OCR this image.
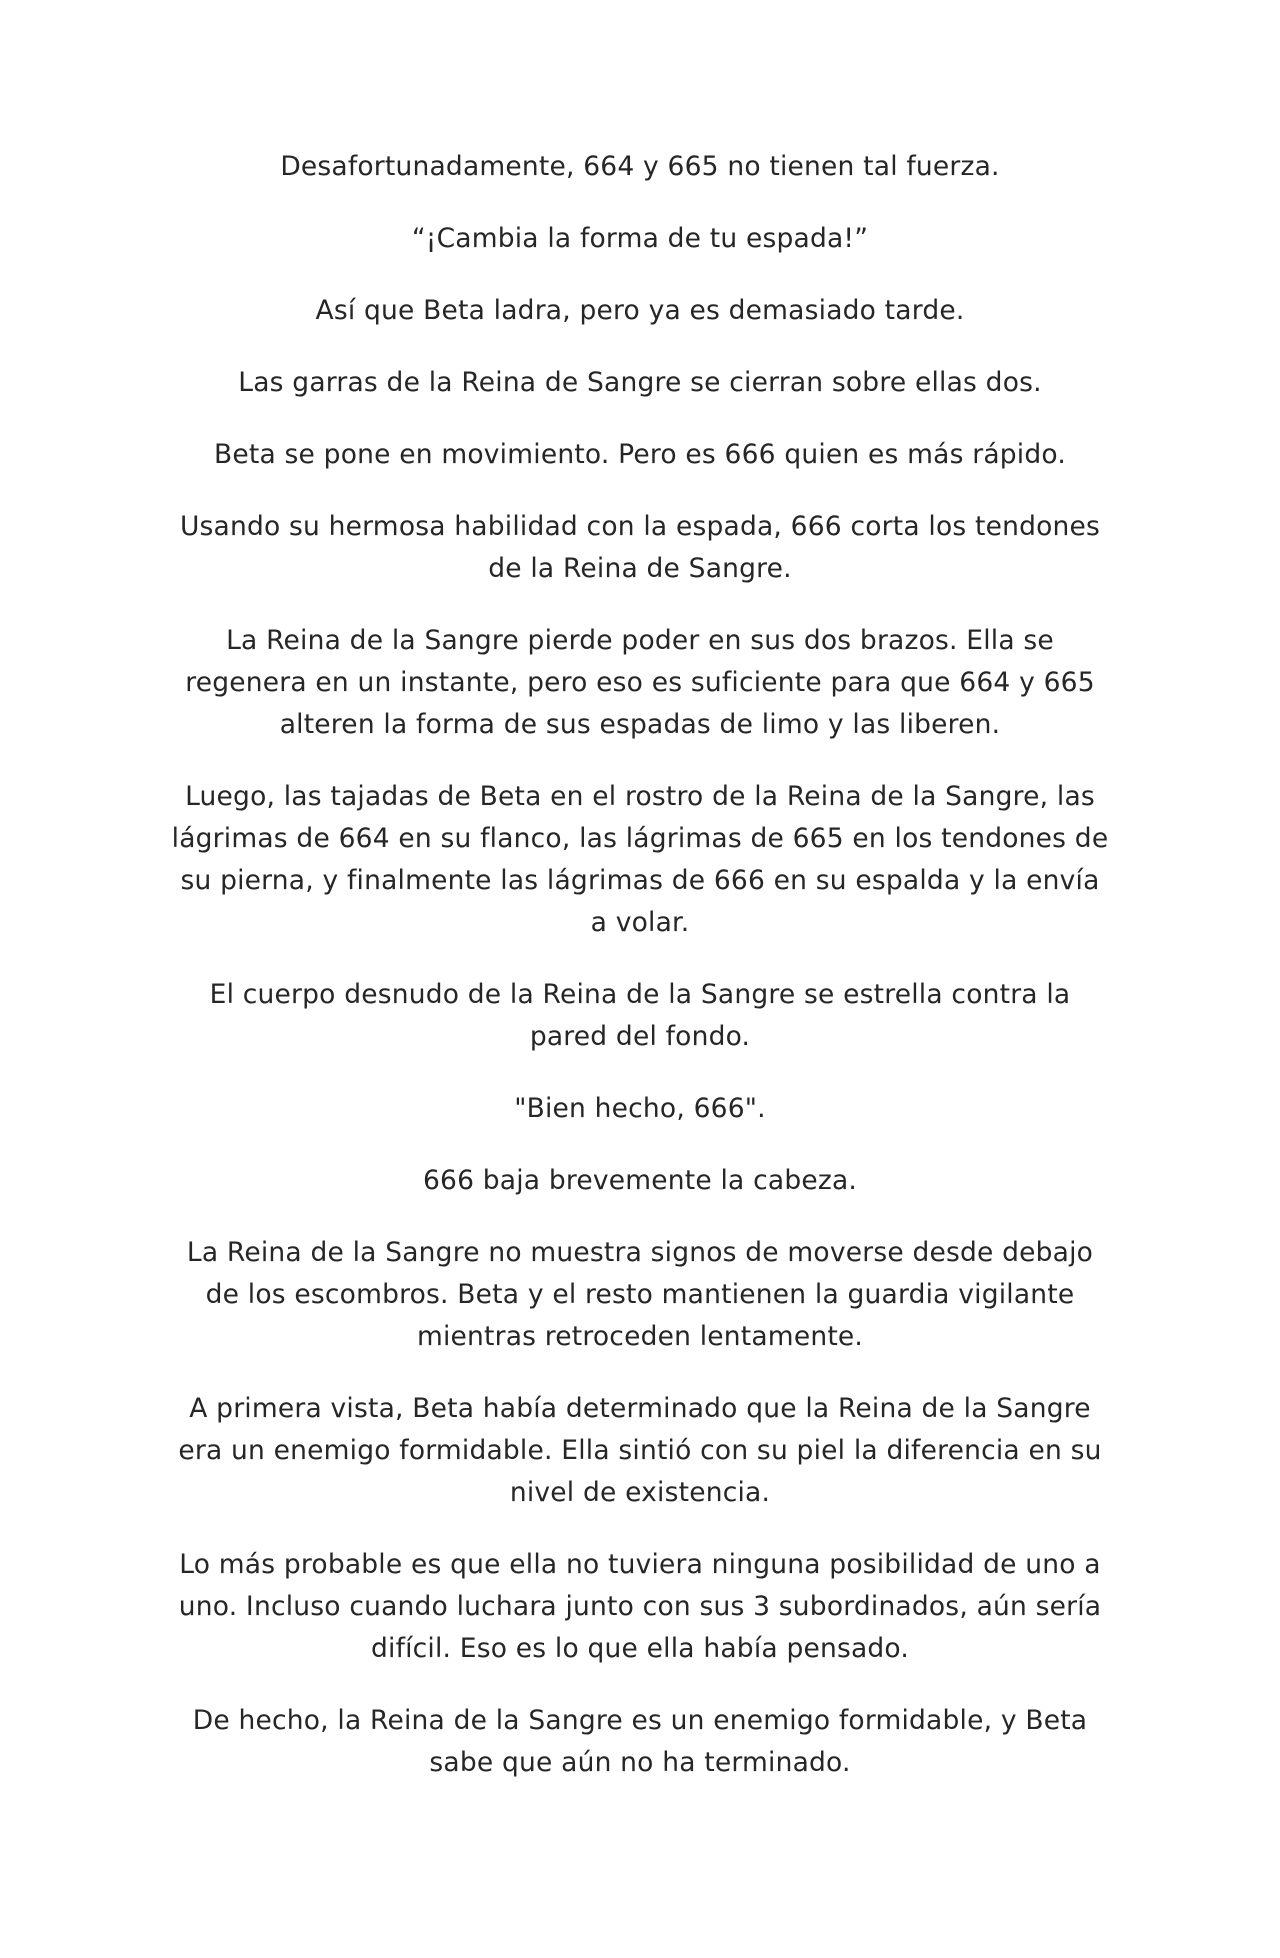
Desafortunadamente, 664 y 665 no tienen tal fuerza.

“¡Cambia la forma de tu espada!”

Así que Beta ladra, pero ya es demasiado tarde.

Las garras de la Reina de Sangre se cierran sobre ellas dos.

Beta se pone en movimiento. Pero es 666 quien es más rápido.

Usando su hermosa habilidad con la espada, 666 corta los tendones de la Reina de Sangre.

La Reina de la Sangre pierde poder en sus dos brazos. Ella se regenera en un instante, pero eso es suficiente para que 664 y 665 alteren la forma de sus espadas de limo y las liberen.

Luego, las tajadas de Beta en el rostro de la Reina de la Sangre, las lágrimas de 664 en su flanco, las lágrimas de 665 en los tendones de su pierna, y finalmente las lágrimas de 666 en su espalda y la envía a volar.

El cuerpo desnudo de la Reina de la Sangre se estrella contra la pared del fondo.

"Bien hecho, 666".

666 baja brevemente la cabeza.

La Reina de la Sangre no muestra signos de moverse desde debajo de los escombros. Beta y el resto mantienen la guardia vigilante mientras retroceden lentamente.

A primera vista, Beta había determinado que la Reina de la Sangre era un enemigo formidable. Ella sintió con su piel la diferencia en su nivel de existencia.

Lo más probable es que ella no tuviera ninguna posibilidad de uno a uno. Incluso cuando luchara junto con sus 3 subordinados, aún sería difícil. Eso es lo que ella había pensado.

De hecho, la Reina de la Sangre es un enemigo formidable, y Beta sabe que aún no ha terminado.
